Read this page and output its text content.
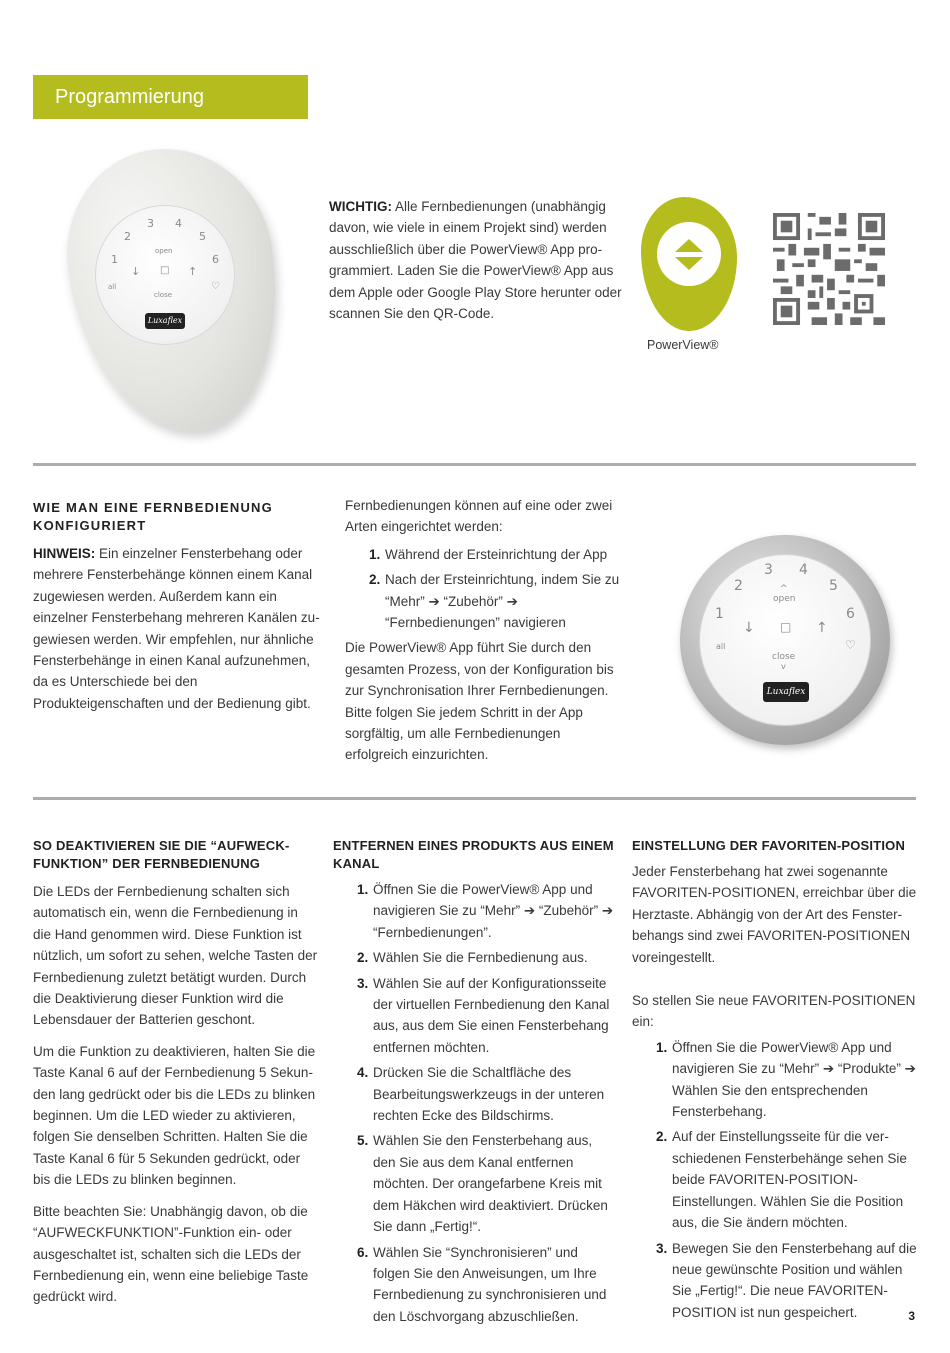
Programmierung
3 4
2	5
1	6
open
↓ □ ↑
all	♡
close
Luxaflex

WICHTIG: Alle Fernbedienungen (unabhängig davon, wie viele in einem Projekt sind) werden ausschließlich über die PowerView® App programmiert. Laden Sie die PowerView® App aus dem Apple oder Google Play Store herunter oder scannen Sie den QR-Code.

PowerView®

WIE MAN EINE FERNBEDIENUNG KONFIGURIERT

HINWEIS: Ein einzelner Fensterbehang oder mehrere Fensterbehänge können einem Kanal zugewiesen werden. Außerdem kann ein einzelner Fensterbehang mehreren Kanälen zugewiesen werden. Wir empfehlen, nur ähnliche Fensterbehänge in einen Kanal aufzunehmen, da es Unterschiede bei den Produkteigenschaften und der Bedienung gibt.

Fernbedienungen können auf eine oder zwei Arten eingerichtet werden:

1. Während der Ersteinrichtung der App
2. Nach der Ersteinrichtung, indem Sie zu “Mehr” ➔ “Zubehör” ➔ “Fernbedienungen” navigieren

Die PowerView® App führt Sie durch den gesamten Prozess, von der Konfiguration bis zur Synchronisation Ihrer Fernbedienungen. Bitte folgen Sie jedem Schritt in der App sorgfältig, um alle Fernbedienungen erfolgreich einzurichten.

3 4
2	5
1	6
^
open
↓ □ ↑
all	♡
close
v
Luxaflex

SO DEAKTIVIEREN SIE DIE “AUFWECKFUNKTION” DER FERNBEDIENUNG

Die LEDs der Fernbedienung schalten sich automatisch ein, wenn die Fernbedienung in die Hand genommen wird. Diese Funktion ist nützlich, um sofort zu sehen, welche Tasten der Fernbedienung zuletzt betätigt wurden. Durch die Deaktivierung dieser Funktion wird die Lebensdauer der Batterien geschont.

Um die Funktion zu deaktivieren, halten Sie die Taste Kanal 6 auf der Fernbedienung 5 Sekunden lang gedrückt oder bis die LEDs zu blinken beginnen. Um die LED wieder zu aktivieren, folgen Sie denselben Schritten. Halten Sie die Taste Kanal 6 für 5 Sekunden gedrückt, oder bis die LEDs zu blinken beginnen.

Bitte beachten Sie: Unabhängig davon, ob die “AUFWECKFUNKTION”-Funktion ein- oder ausgeschaltet ist, schalten sich die LEDs der Fernbedienung ein, wenn eine beliebige Taste gedrückt wird.

ENTFERNEN EINES PRODUKTS AUS EINEM KANAL

1. Öffnen Sie die PowerView® App und navigieren Sie zu “Mehr” ➔ “Zubehör” ➔ “Fernbedienungen”.
2. Wählen Sie die Fernbedienung aus.
3. Wählen Sie auf der Konfigurationsseite der virtuellen Fernbedienung den Kanal aus, aus dem Sie einen Fensterbehang entfernen möchten.
4. Drücken Sie die Schaltfläche des Bearbeitungswerkzeugs in der unteren rechten Ecke des Bildschirms.
5. Wählen Sie den Fensterbehang aus, den Sie aus dem Kanal entfernen möchten. Der orangefarbene Kreis mit dem Häkchen wird deaktiviert. Drücken Sie dann „Fertig!“.
6. Wählen Sie “Synchronisieren” und folgen Sie den Anweisungen, um Ihre Fernbedienung zu synchronisieren und den Löschvorgang abzuschließen.

EINSTELLUNG DER FAVORITEN-POSITION

Jeder Fensterbehang hat zwei sogenannte FAVORITEN-POSITIONEN, erreichbar über die Herztaste. Abhängig von der Art des Fensterbehangs sind zwei FAVORITEN-POSITIONEN voreingestellt.

So stellen Sie neue FAVORITEN-POSITIONEN ein:

1. Öffnen Sie die PowerView® App und navigieren Sie zu “Mehr” ➔ “Produkte” ➔ Wählen Sie den entsprechenden Fensterbehang.
2. Auf der Einstellungsseite für die verschiedenen Fensterbehänge sehen Sie beide FAVORITEN-POSITION-Einstellungen. Wählen Sie die Position aus, die Sie ändern möchten.
3. Bewegen Sie den Fensterbehang auf die neue gewünschte Position und wählen Sie „Fertig!“. Die neue FAVORITEN-POSITION ist nun gespeichert.	3
